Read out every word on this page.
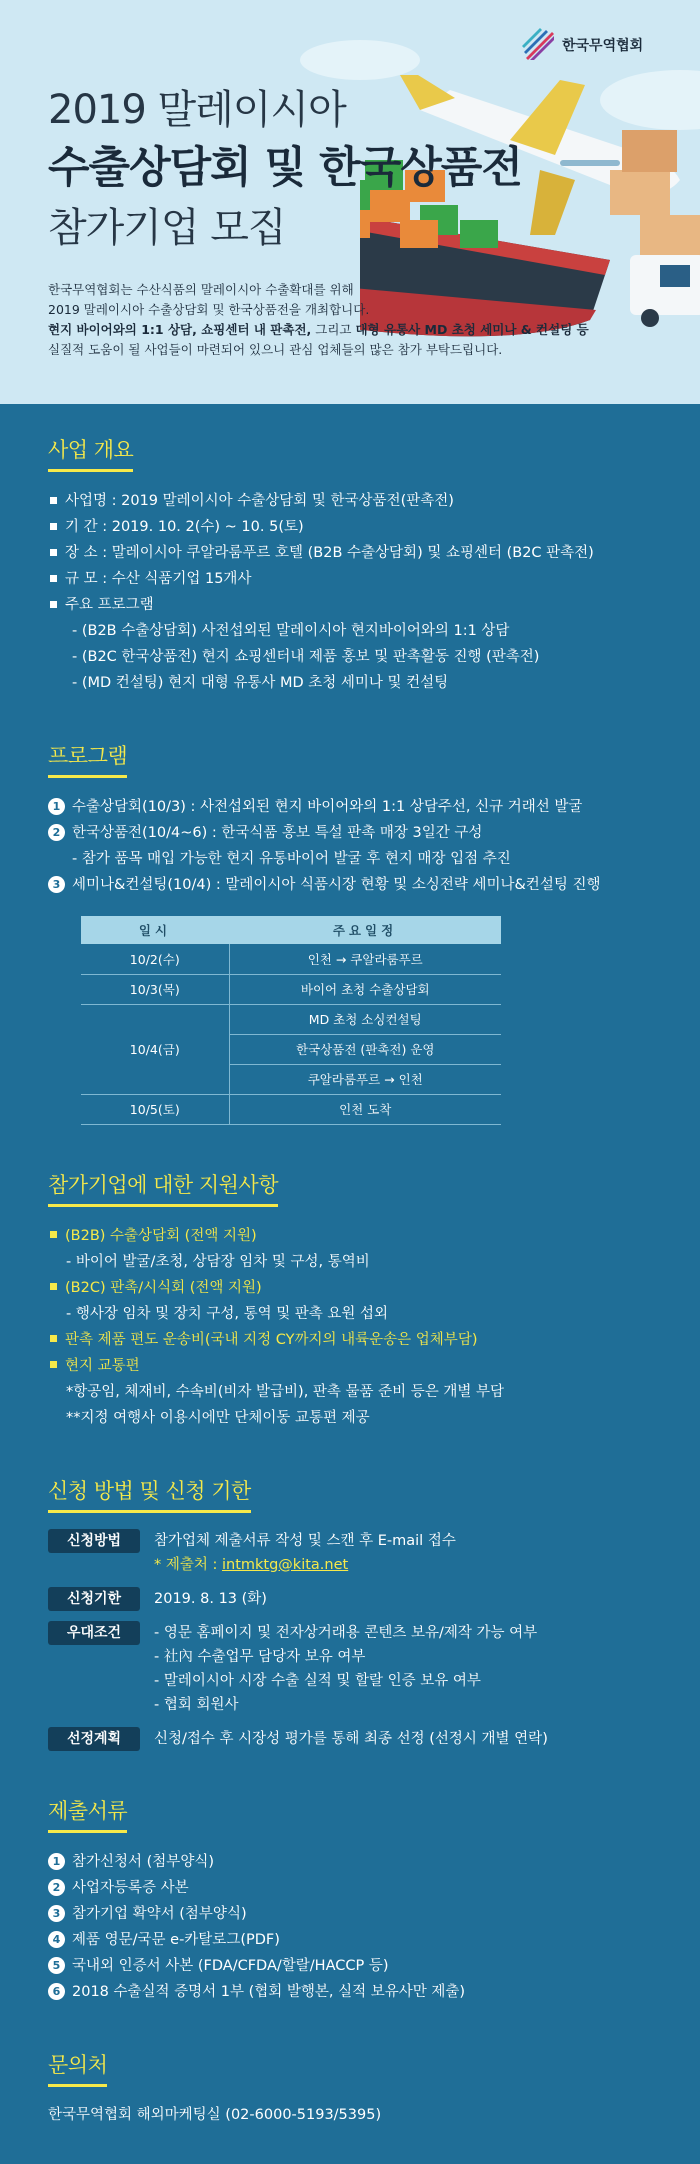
한국무역협회
2019 말레이시아
수출상담회 및 한국상품전
참가기업 모집

한국무역협회는 수산식품의 말레이시아 수출확대를 위해

2019 말레이시아 수출상담회 및 한국상품전을 개최합니다.

현지 바이어와의 1:1 상담, 쇼핑센터 내 판촉전, 그리고 대형 유통사 MD 초청 세미나 & 컨설팅 등

실질적 도움이 될 사업들이 마련되어 있으니 관심 업체들의 많은 참가 부탁드립니다.

사업 개요
사업명 : 2019 말레이시아 수출상담회 및 한국상품전(판촉전)
기 간 : 2019. 10. 2(수) ~ 10. 5(토)
장 소 : 말레이시아 쿠알라룸푸르 호텔 (B2B 수출상담회) 및 쇼핑센터 (B2C 판촉전)
규 모 : 수산 식품기업 15개사
주요 프로그램
- (B2B 수출상담회) 사전섭외된 말레이시아 현지바이어와의 1:1 상담
- (B2C 한국상품전) 현지 쇼핑센터내 제품 홍보 및 판촉활동 진행 (판촉전)
- (MD 컨설팅) 현지 대형 유통사 MD 초청 세미나 및 컨설팅
프로그램
1 수출상담회(10/3) : 사전섭외된 현지 바이어와의 1:1 상담주선, 신규 거래선 발굴
2 한국상품전(10/4~6) : 한국식품 홍보 특설 판촉 매장 3일간 구성
- 참가 품목 매입 가능한 현지 유통바이어 발굴 후 현지 매장 입점 추진
3 세미나&컨설팅(10/4) : 말레이시아 식품시장 현황 및 소싱전략 세미나&컨설팅 진행
일시	주요일정
10/2(수)	인천 → 쿠알라룸푸르
10/3(목)	바이어 초청 수출상담회
10/4(금)	MD 초청 소싱컨설팅
	한국상품전 (판촉전) 운영
	쿠알라룸푸르 → 인천
10/5(토)	인천 도착
참가기업에 대한 지원사항
(B2B) 수출상담회 (전액 지원)
- 바이어 발굴/초청, 상담장 임차 및 구성, 통역비
(B2C) 판촉/시식회 (전액 지원)
- 행사장 임차 및 장치 구성, 통역 및 판촉 요원 섭외
판촉 제품 편도 운송비(국내 지정 CY까지의 내륙운송은 업체부담)
현지 교통편
*항공임, 체재비, 수속비(비자 발급비), 판촉 물품 준비 등은 개별 부담
**지정 여행사 이용시에만 단체이동 교통편 제공
신청 방법 및 신청 기한
신청방법	참가업체 제출서류 작성 및 스캔 후 E-mail 접수
* 제출처 : intmktg@kita.net
신청기한	2019. 8. 13 (화)
우대조건	- 영문 홈페이지 및 전자상거래용 콘텐츠 보유/제작 가능 여부
- 社內 수출업무 담당자 보유 여부
- 말레이시아 시장 수출 실적 및 할랄 인증 보유 여부
- 협회 회원사
선정계획	신청/접수 후 시장성 평가를 통해 최종 선정 (선정시 개별 연락)
제출서류
1 참가신청서 (첨부양식)
2 사업자등록증 사본
3 참가기업 확약서 (첨부양식)
4 제품 영문/국문 e-카탈로그(PDF)
5 국내외 인증서 사본 (FDA/CFDA/할랄/HACCP 등)
6 2018 수출실적 증명서 1부 (협회 발행본, 실적 보유사만 제출)
문의처
한국무역협회 해외마케팅실 (02-6000-5193/5395)
